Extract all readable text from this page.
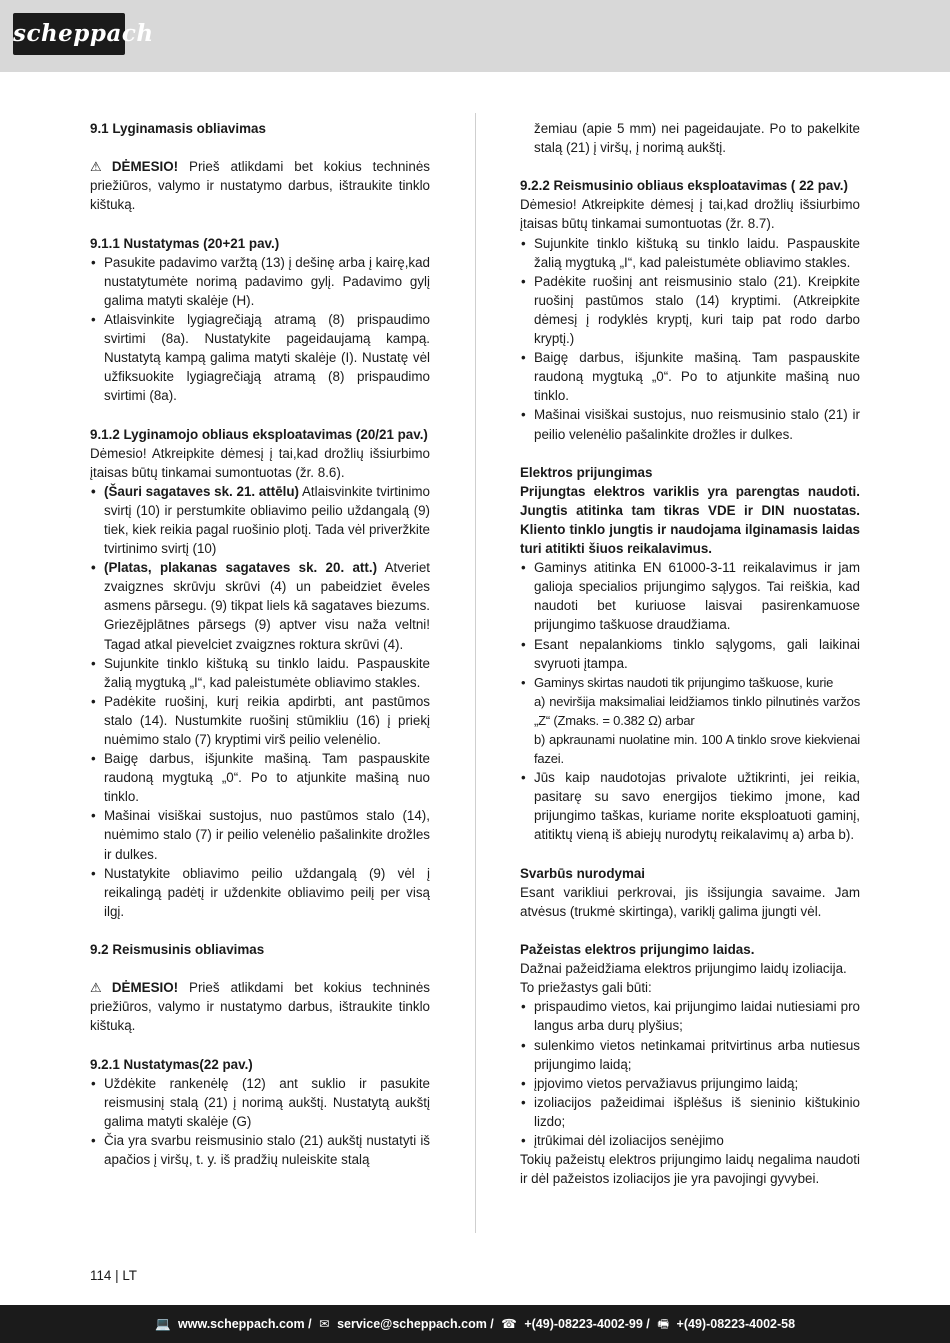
scheppach

9.1 Lyginamasis obliavimas

⚠ DĖMESIO! Prieš atlikdami bet kokius techninės priežiūros, valymo ir nustatymo darbus, ištraukite tinklo kištuką.

9.1.1 Nustatymas (20+21 pav.)

• Pasukite padavimo varžtą (13) į dešinę arba į kairę,kad nustatytumėte norimą padavimo gylį. Padavimo gylį galima matyti skalėje (H).
• Atlaisvinkite lygiagrečiąją atramą (8) prispaudimo svirtimi (8a). Nustatykite pageidaujamą kampą. Nustatytą kampą galima matyti skalėje (I). Nustatę vėl užfiksuokite lygiagrečiąją atramą (8) prispaudimo svirtimi (8a).

9.1.2 Lyginamojo obliaus eksploatavimas (20/21 pav.)

Dėmesio! Atkreipkite dėmesį į tai,kad drožlių išsiurbimo įtaisas būtų tinkamai sumontuotas (žr. 8.6).

• (Šauri sagataves sk. 21. attēlu) Atlaisvinkite tvirtinimo svirtį (10) ir perstumkite obliavimo peilio uždangalą (9) tiek, kiek reikia pagal ruošinio plotį. Tada vėl priveržkite tvirtinimo svirtį (10)
• (Platas, plakanas sagataves sk. 20. att.) Atveriet zvaigznes skrūvju skrūvi (4) un pabeidziet ēveles asmens pārsegu. (9) tikpat liels kā sagataves biezums. Griezējplātnes pārsegs (9) aptver visu naža veltni! Tagad atkal pievelciet zvaigznes roktura skrūvi (4).
• Sujunkite tinklo kištuką su tinklo laidu. Paspauskite žalią mygtuką „I“, kad paleistumėte obliavimo stakles.
• Padėkite ruošinį, kurį reikia apdirbti, ant pastūmos stalo (14). Nustumkite ruošinį stūmikliu (16) į priekį nuėmimo stalo (7) kryptimi virš peilio velenėlio.
• Baigę darbus, išjunkite mašiną. Tam paspauskite raudoną mygtuką „0“. Po to atjunkite mašiną nuo tinklo.
• Mašinai visiškai sustojus, nuo pastūmos stalo (14), nuėmimo stalo (7) ir peilio velenėlio pašalinkite drožles ir dulkes.
• Nustatykite obliavimo peilio uždangalą (9) vėl į reikalingą padėtį ir uždenkite obliavimo peilį per visą ilgį.

9.2 Reismusinis obliavimas

⚠ DĖMESIO! Prieš atlikdami bet kokius techninės priežiūros, valymo ir nustatymo darbus, ištraukite tinklo kištuką.

9.2.1 Nustatymas(22 pav.)

• Uždėkite rankenėlę (12) ant suklio ir pasukite reismusinį stalą (21) į norimą aukštį. Nustatytą aukštį galima matyti skalėje (G)
• Čia yra svarbu reismusinio stalo (21) aukštį nustatyti iš apačios į viršų, t. y. iš pradžių nuleiskite stalą

žemiau (apie 5 mm) nei pageidaujate. Po to pakelkite stalą (21) į viršų, į norimą aukštį.

9.2.2 Reismusinio obliaus eksploatavimas ( 22 pav.)

Dėmesio! Atkreipkite dėmesį į tai,kad drožlių išsiurbimo įtaisas būtų tinkamai sumontuotas (žr. 8.7).

• Sujunkite tinklo kištuką su tinklo laidu. Paspauskite žalią mygtuką „I“, kad paleistumėte obliavimo stakles.
• Padėkite ruošinį ant reismusinio stalo (21). Kreipkite ruošinį pastūmos stalo (14) kryptimi. (Atkreipkite dėmesį į rodyklės kryptį, kuri taip pat rodo darbo kryptį.)
• Baigę darbus, išjunkite mašiną. Tam paspauskite raudoną mygtuką „0“. Po to atjunkite mašiną nuo tinklo.
• Mašinai visiškai sustojus, nuo reismusinio stalo (21) ir peilio velenėlio pašalinkite drožles ir dulkes.

Elektros prijungimas

Prijungtas elektros variklis yra parengtas naudoti. Jungtis atitinka tam tikras VDE ir DIN nuostatas. Kliento tinklo jungtis ir naudojama ilginamasis laidas turi atitikti šiuos reikalavimus.

• Gaminys atitinka EN 61000-3-11 reikalavimus ir jam galioja specialios prijungimo sąlygos. Tai reiškia, kad naudoti bet kuriuose laisvai pasirenkamuose prijungimo taškuose draudžiama.
• Esant nepalankioms tinklo sąlygoms, gali laikinai svyruoti įtampa.
• Gaminys skirtas naudoti tik prijungimo taškuose, kurie
a) neviršija maksimaliai leidžiamos tinklo pilnutinės varžos „Z“ (Zmaks. = 0.382 Ω) arbar
b) apkraunami nuolatine min. 100 A tinklo srove kiekvienai fazei.
• Jūs kaip naudotojas privalote užtikrinti, jei reikia, pasitarę su savo energijos tiekimo įmone, kad prijungimo taškas, kuriame norite eksploatuoti gaminį, atitiktų vieną iš abiejų nurodytų reikalavimų a) arba b).

Svarbūs nurodymai

Esant varikliui perkrovai, jis išsijungia savaime. Jam atvėsus (trukmė skirtinga), variklį galima įjungti vėl.

Pažeistas elektros prijungimo laidas.

Dažnai pažeidžiama elektros prijungimo laidų izoliacija.

To priežastys gali būti:

• prispaudimo vietos, kai prijungimo laidai nutiesiami pro langus arba durų plyšius;
• sulenkimo vietos netinkamai pritvirtinus arba nutiesus prijungimo laidą;
• įpjovimo vietos pervažiavus prijungimo laidą;
• izoliacijos pažeidimai išplėšus iš sieninio kištukinio lizdo;
• įtrūkimai dėl izoliacijos senėjimo

Tokių pažeistų elektros prijungimo laidų negalima naudoti ir dėl pažeistos izoliacijos jie yra pavojingi gyvybei.

114 | LT
💻 www.scheppach.com / ✉ service@scheppach.com / ☎ +(49)-08223-4002-99 / 🖷 +(49)-08223-4002-58
